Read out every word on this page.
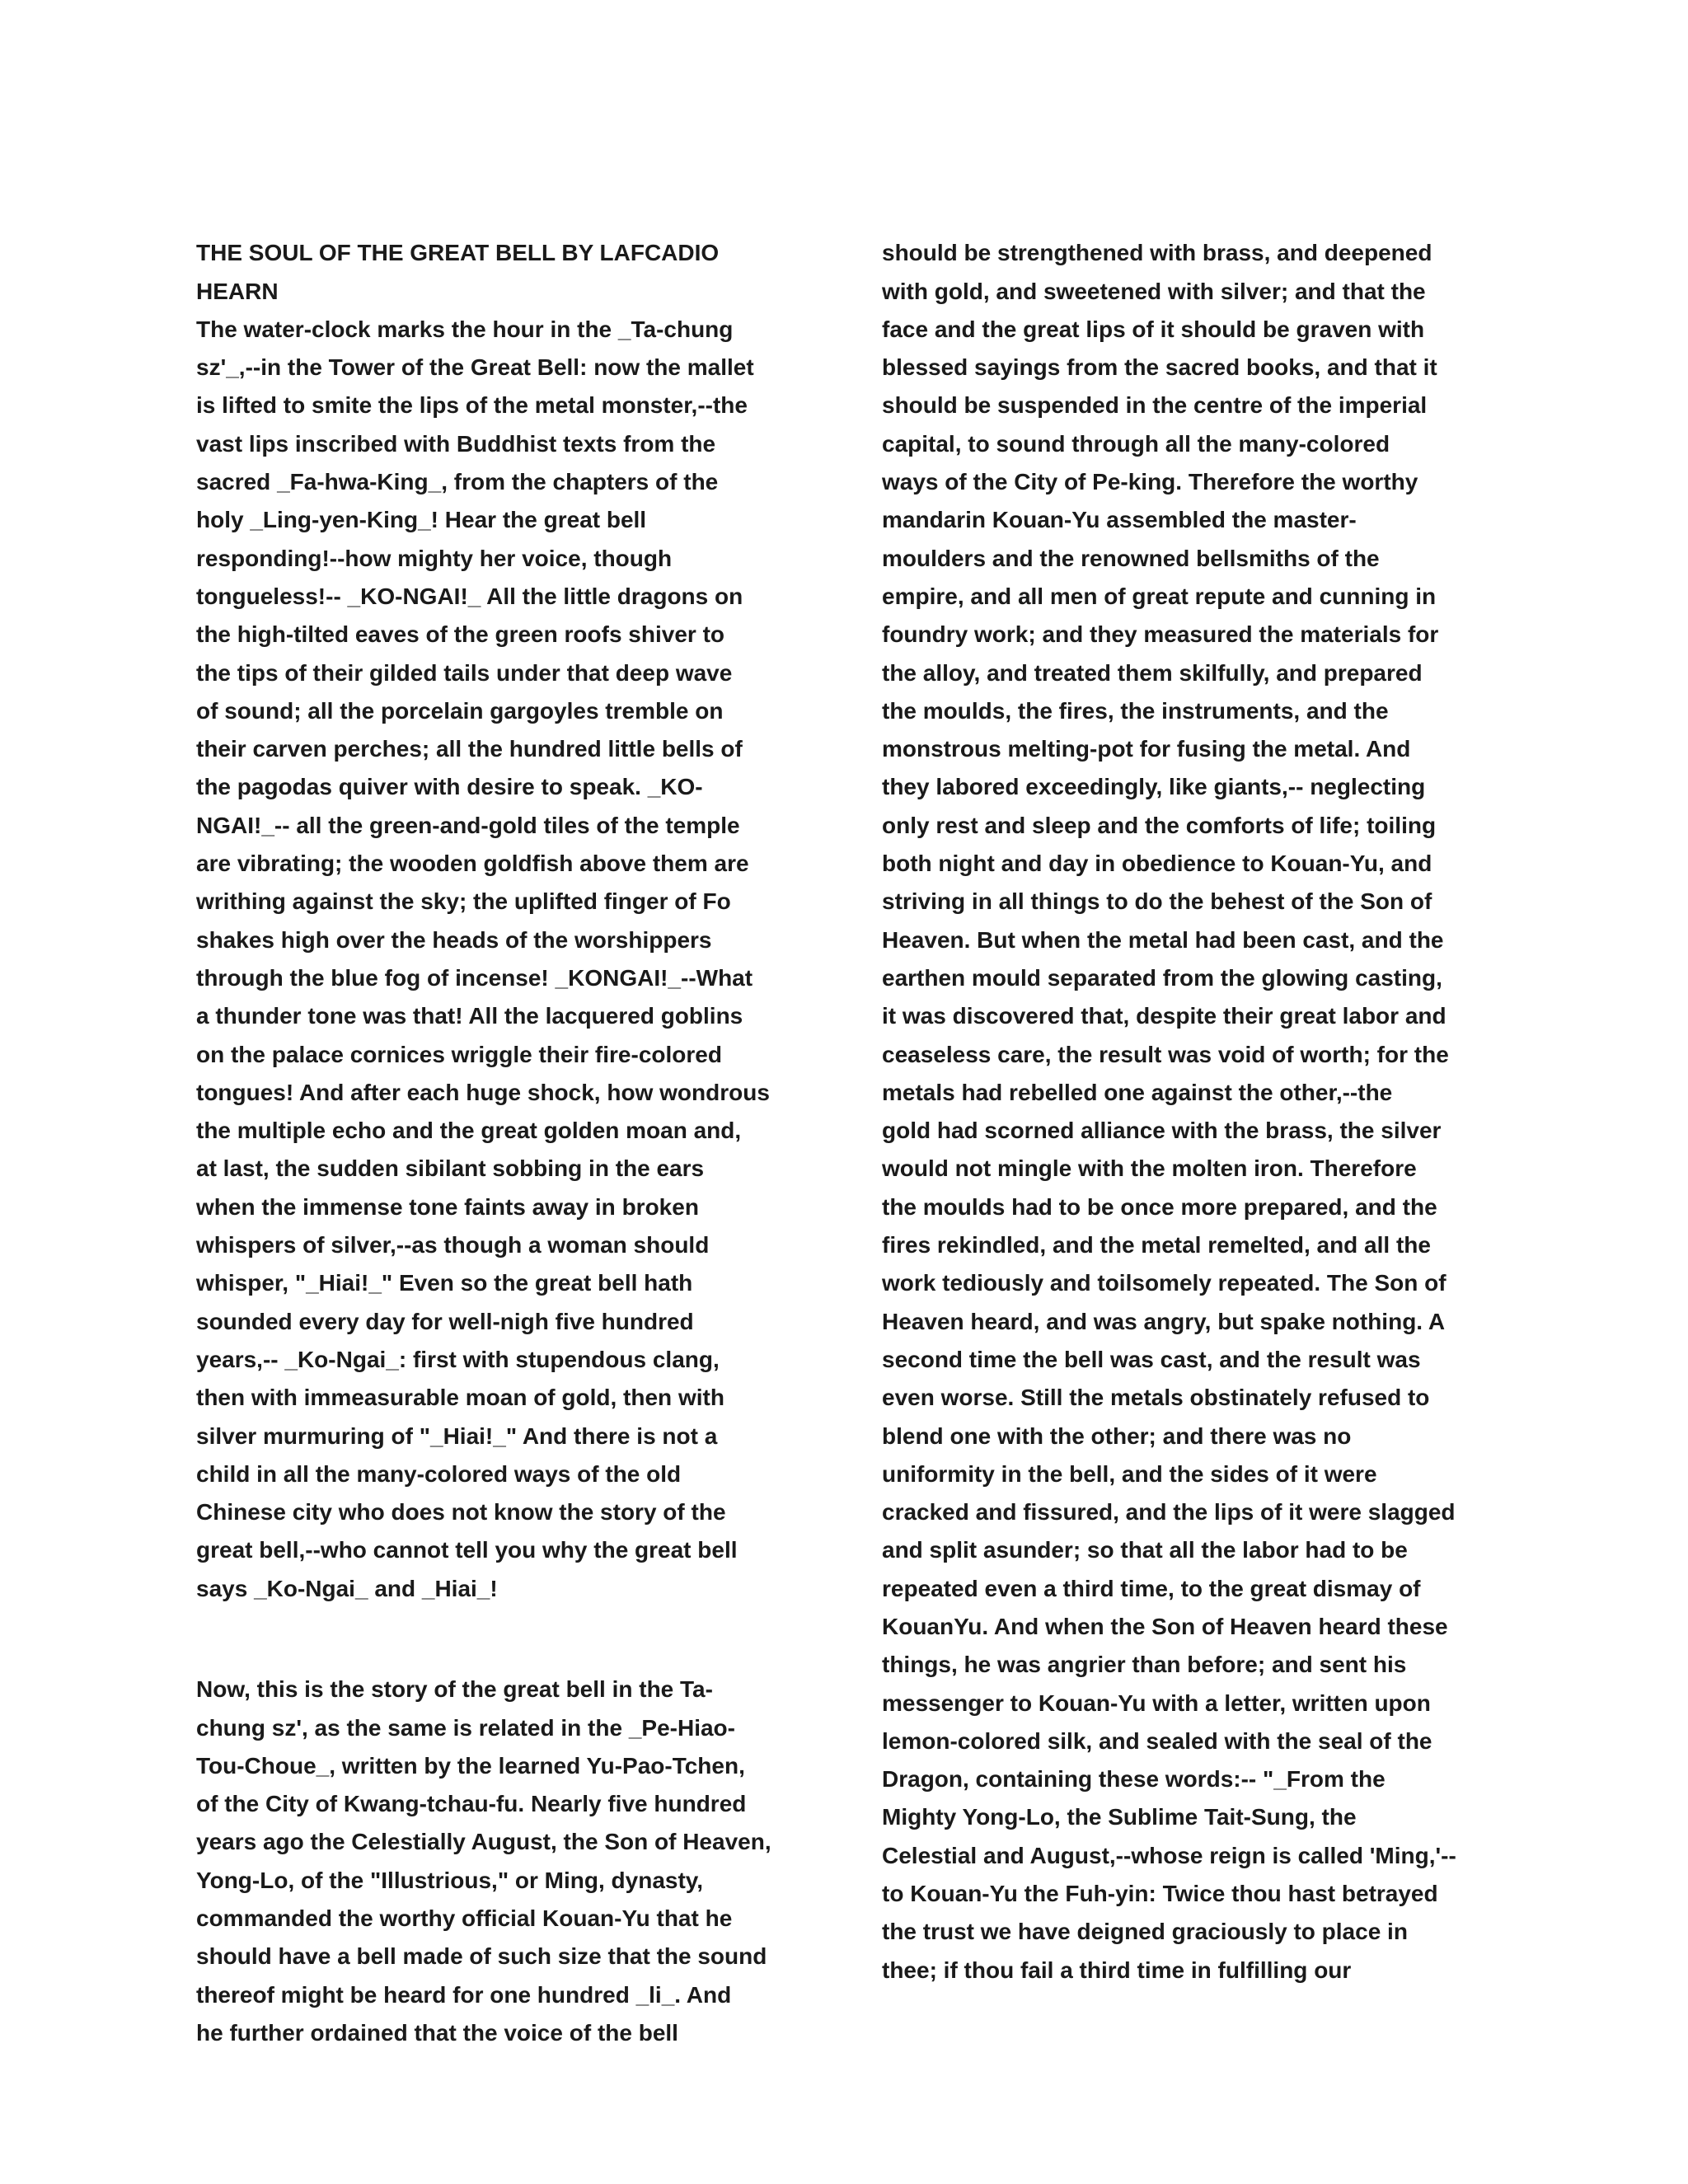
THE SOUL OF THE GREAT BELL BY LAFCADIO HEARN
The water-clock marks the hour in the _Ta-chung
sz'_,--in the Tower of the Great Bell: now the mallet
is lifted to smite the lips of the metal monster,--the
vast lips inscribed with Buddhist texts from the
sacred _Fa-hwa-King_, from the chapters of the
holy _Ling-yen-King_! Hear the great bell
responding!--how mighty her voice, though
tongueless!-- _KO-NGAI!_ All the little dragons on
the high-tilted eaves of the green roofs shiver to
the tips of their gilded tails under that deep wave
of sound; all the porcelain gargoyles tremble on
their carven perches; all the hundred little bells of
the pagodas quiver with desire to speak. _KO-
NGAI!_-- all the green-and-gold tiles of the temple
are vibrating; the wooden goldfish above them are
writhing against the sky; the uplifted finger of Fo
shakes high over the heads of the worshippers
through the blue fog of incense! _KONGAI!_--What
a thunder tone was that! All the lacquered goblins
on the palace cornices wriggle their fire-colored
tongues! And after each huge shock, how wondrous
the multiple echo and the great golden moan and,
at last, the sudden sibilant sobbing in the ears
when the immense tone faints away in broken
whispers of silver,--as though a woman should
whisper, "_Hiai!_" Even so the great bell hath
sounded every day for well-nigh five hundred
years,-- _Ko-Ngai_: first with stupendous clang,
then with immeasurable moan of gold, then with
silver murmuring of "_Hiai!_" And there is not a
child in all the many-colored ways of the old
Chinese city who does not know the story of the
great bell,--who cannot tell you why the great bell
says _Ko-Ngai_ and _Hiai_!

Now, this is the story of the great bell in the Ta-
chung sz', as the same is related in the _Pe-Hiao-
Tou-Choue_, written by the learned Yu-Pao-Tchen,
of the City of Kwang-tchau-fu. Nearly five hundred
years ago the Celestially August, the Son of Heaven,
Yong-Lo, of the "Illustrious," or Ming, dynasty,
commanded the worthy official Kouan-Yu that he
should have a bell made of such size that the sound
thereof might be heard for one hundred _li_. And
he further ordained that the voice of the bell

should be strengthened with brass, and deepened
with gold, and sweetened with silver; and that the
face and the great lips of it should be graven with
blessed sayings from the sacred books, and that it
should be suspended in the centre of the imperial
capital, to sound through all the many-colored
ways of the City of Pe-king. Therefore the worthy
mandarin Kouan-Yu assembled the master-
moulders and the renowned bellsmiths of the
empire, and all men of great repute and cunning in
foundry work; and they measured the materials for
the alloy, and treated them skilfully, and prepared
the moulds, the fires, the instruments, and the
monstrous melting-pot for fusing the metal. And
they labored exceedingly, like giants,-- neglecting
only rest and sleep and the comforts of life; toiling
both night and day in obedience to Kouan-Yu, and
striving in all things to do the behest of the Son of
Heaven. But when the metal had been cast, and the
earthen mould separated from the glowing casting,
it was discovered that, despite their great labor and
ceaseless care, the result was void of worth; for the
metals had rebelled one against the other,--the
gold had scorned alliance with the brass, the silver
would not mingle with the molten iron. Therefore
the moulds had to be once more prepared, and the
fires rekindled, and the metal remelted, and all the
work tediously and toilsomely repeated. The Son of
Heaven heard, and was angry, but spake nothing. A
second time the bell was cast, and the result was
even worse. Still the metals obstinately refused to
blend one with the other; and there was no
uniformity in the bell, and the sides of it were
cracked and fissured, and the lips of it were slagged
and split asunder; so that all the labor had to be
repeated even a third time, to the great dismay of
KouanYu. And when the Son of Heaven heard these
things, he was angrier than before; and sent his
messenger to Kouan-Yu with a letter, written upon
lemon-colored silk, and sealed with the seal of the
Dragon, containing these words:-- "_From the
Mighty Yong-Lo, the Sublime Tait-Sung, the
Celestial and August,--whose reign is called 'Ming,'--
to Kouan-Yu the Fuh-yin: Twice thou hast betrayed
the trust we have deigned graciously to place in
thee; if thou fail a third time in fulfilling our
